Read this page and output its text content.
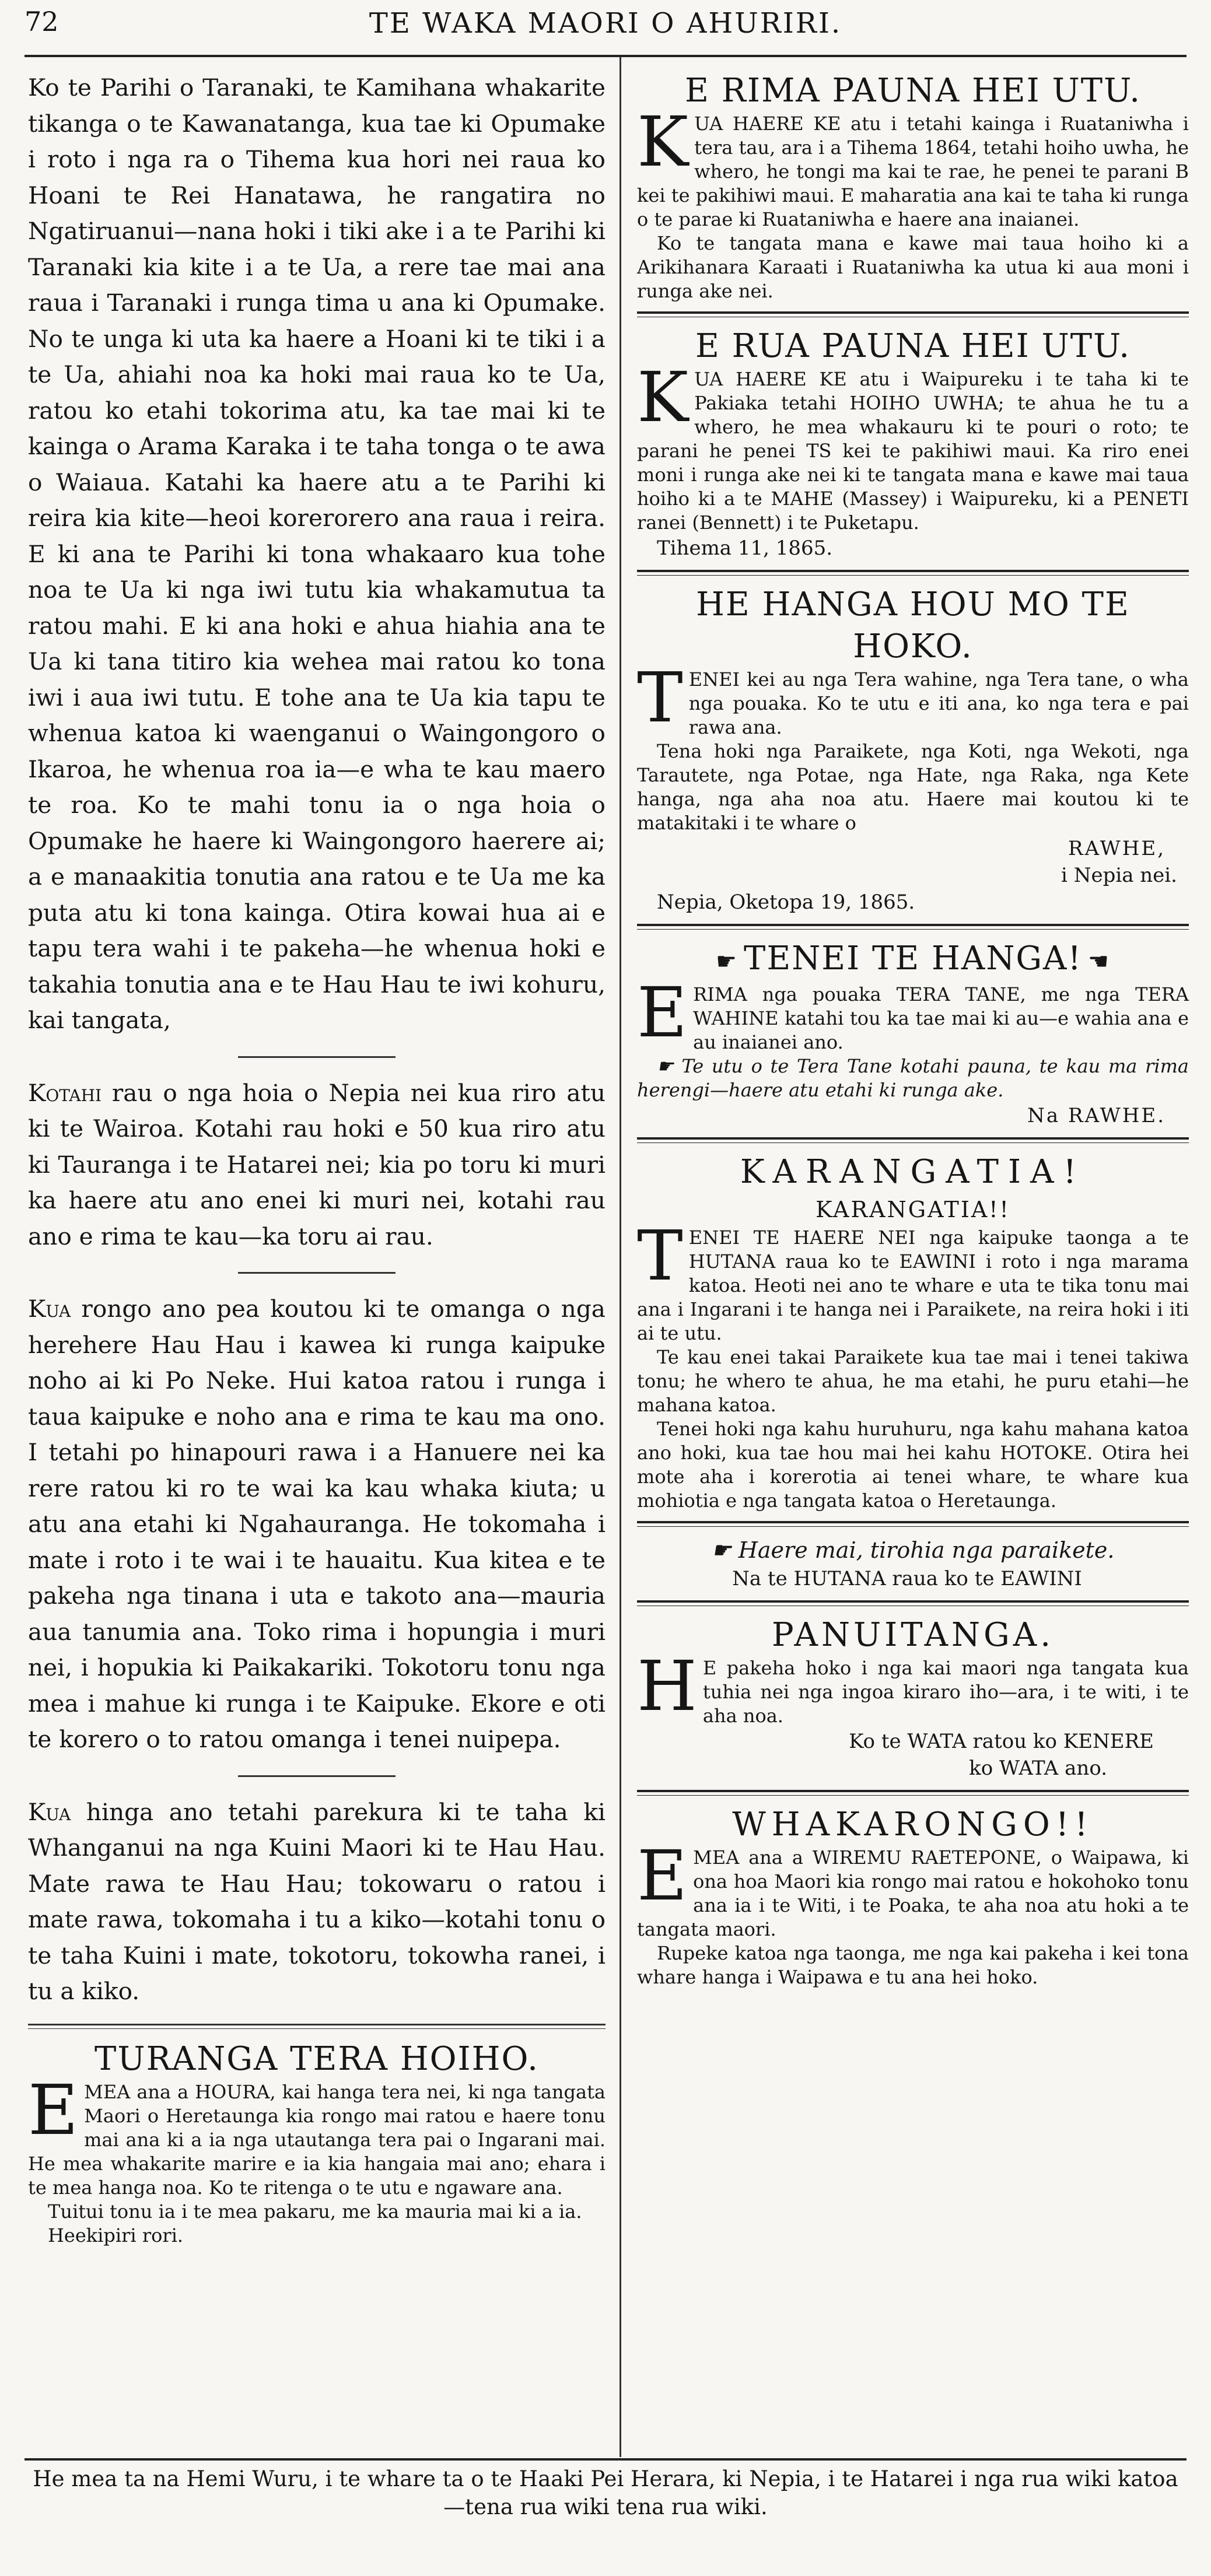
72	TE WAKA MAORI O AHURIRI.

Ko te Parihi o Taranaki, te Kamihana whakarite tikanga o te Kawanatanga, kua tae ki Opumake i roto i nga ra o Tihema kua hori nei raua ko Hoani te Rei Hanatawa, he rangatira no Ngatiruanui—nana hoki i tiki ake i a te Parihi ki Taranaki kia kite i a te Ua, a rere tae mai ana raua i Taranaki i runga tima u ana ki Opumake. No te unga ki uta ka haere a Hoani ki te tiki i a te Ua, ahiahi noa ka hoki mai raua ko te Ua, ratou ko etahi tokorima atu, ka tae mai ki te kainga o Arama Karaka i te taha tonga o te awa o Waiaua. Katahi ka haere atu a te Parihi ki reira kia kite—heoi korerorero ana raua i reira. E ki ana te Parihi ki tona whakaaro kua tohe noa te Ua ki nga iwi tutu kia whakamutua ta ratou mahi. E ki ana hoki e ahua hiahia ana te Ua ki tana titiro kia wehea mai ratou ko tona iwi i aua iwi tutu. E tohe ana te Ua kia tapu te whenua katoa ki waenganui o Waingongoro o Ikaroa, he whenua roa ia—e wha te kau maero te roa. Ko te mahi tonu ia o nga hoia o Opumake he haere ki Waingongoro haerere ai; a e manaakitia tonutia ana ratou e te Ua me ka puta atu ki tona kainga. Otira kowai hua ai e tapu tera wahi i te pakeha—he whenua hoki e takahia tonutia ana e te Hau Hau te iwi kohuru, kai tangata,

Kotahi rau o nga hoia o Nepia nei kua riro atu ki te Wairoa. Kotahi rau hoki e 50 kua riro atu ki Tauranga i te Hatarei nei; kia po toru ki muri ka haere atu ano enei ki muri nei, kotahi rau ano e rima te kau—ka toru ai rau.

Kua rongo ano pea koutou ki te omanga o nga herehere Hau Hau i kawea ki runga kaipuke noho ai ki Po Neke. Hui katoa ratou i runga i taua kaipuke e noho ana e rima te kau ma ono. I tetahi po hinapouri rawa i a Hanuere nei ka rere ratou ki ro te wai ka kau whaka kiuta; u atu ana etahi ki Ngahauranga. He tokomaha i mate i roto i te wai i te hauaitu. Kua kitea e te pakeha nga tinana i uta e takoto ana—mauria aua tanumia ana. Toko rima i hopungia i muri nei, i hopukia ki Paikakariki. Tokotoru tonu nga mea i mahue ki runga i te Kaipuke. Ekore e oti te korero o to ratou omanga i tenei nuipepa.

Kua hinga ano tetahi parekura ki te taha ki Whanganui na nga Kuini Maori ki te Hau Hau. Mate rawa te Hau Hau; tokowaru o ratou i mate rawa, tokomaha i tu a kiko—kotahi tonu o te taha Kuini i mate, tokotoru, tokowha ranei, i tu a kiko.

TURANGA TERA HOIHO.

E MEA ana a HOURA, kai hanga tera nei, ki nga tangata Maori o Heretaunga kia rongo mai ratou e haere tonu mai ana ki a ia nga utautanga tera pai o Ingarani mai. He mea whakarite marire e ia kia hangaia mai ano; ehara i te mea hanga noa. Ko te ritenga o te utu e ngaware ana.

Tuitui tonu ia i te mea pakaru, me ka mauria mai ki a ia.

Heekipiri rori.

E RIMA PAUNA HEI UTU.

KUA HAERE KE atu i tetahi kainga i Ruataniwha i tera tau, ara i a Tihema 1864, tetahi hoiho uwha, he whero, he tongi ma kai te rae, he penei te parani B kei te pakihiwi maui. E maharatia ana kai te taha ki runga o te parae ki Ruataniwha e haere ana inaianei.

Ko te tangata mana e kawe mai taua hoiho ki a Arikihanara Karaati i Ruataniwha ka utua ki aua moni i runga ake nei.

E RUA PAUNA HEI UTU.

KUA HAERE KE atu i Waipureku i te taha ki te Pakiaka tetahi HOIHO UWHA; te ahua he tu a whero, he mea whakauru ki te pouri o roto; te parani he penei TS kei te pakihiwi maui. Ka riro enei moni i runga ake nei ki te tangata mana e kawe mai taua hoiho ki a te MAHE (Massey) i Waipureku, ki a PENETI ranei (Bennett) i te Puketapu.

Tihema 11, 1865.
HE HANGA HOU MO TE
HOKO.

TENEI kei au nga Tera wahine, nga Tera tane, o wha nga pouaka. Ko te utu e iti ana, ko nga tera e pai rawa ana.

Tena hoki nga Paraikete, nga Koti, nga Wekoti, nga Tarautete, nga Potae, nga Hate, nga Raka, nga Kete hanga, nga aha noa atu. Haere mai koutou ki te matakitaki i te whare o

RAWHE,
i Nepia nei.
Nepia, Oketopa 19, 1865.
☛ TENEI TE HANGA! ☚

ERIMA nga pouaka TERA TANE, me nga TERA WAHINE katahi tou ka tae mai ki au—e wahia ana e au inaianei ano.

☛ Te utu o te Tera Tane kotahi pauna, te kau ma rima herengi—haere atu etahi ki runga ake.

Na RAWHE.
KARANGATIA!
KARANGATIA!!

TENEI TE HAERE NEI nga kaipuke taonga a te HUTANA raua ko te EAWINI i roto i nga marama katoa. Heoti nei ano te whare e uta te tika tonu mai ana i Ingarani i te hanga nei i Paraikete, na reira hoki i iti ai te utu.

Te kau enei takai Paraikete kua tae mai i tenei takiwa tonu; he whero te ahua, he ma etahi, he puru etahi—he mahana katoa.

Tenei hoki nga kahu huruhuru, nga kahu mahana katoa ano hoki, kua tae hou mai hei kahu HOTOKE. Otira hei mote aha i korerotia ai tenei whare, te whare kua mohiotia e nga tangata katoa o Heretaunga.

☛ Haere mai, tirohia nga paraikete.
Na te HUTANA raua ko te EAWINI
PANUITANGA.

H E pakeha hoko i nga kai maori nga tangata kua tuhia nei nga ingoa kiraro iho—ara, i te witi, i te aha noa.

Ko te WATA ratou ko KENERE
ko WATA ano.
WHAKARONGO!!

EMEA ana a WIREMU RAETEPONE, o Waipawa, ki ona hoa Maori kia rongo mai ratou e hokohoko tonu ana ia i te Witi, i te Poaka, te aha noa atu hoki a te tangata maori.

Rupeke katoa nga taonga, me nga kai pakeha i kei tona whare hanga i Waipawa e tu ana hei hoko.

He mea ta na Hemi Wuru, i te whare ta o te Haaki Pei Herara, ki Nepia, i te Hatarei i nga rua wiki katoa—tena rua wiki tena rua wiki.
